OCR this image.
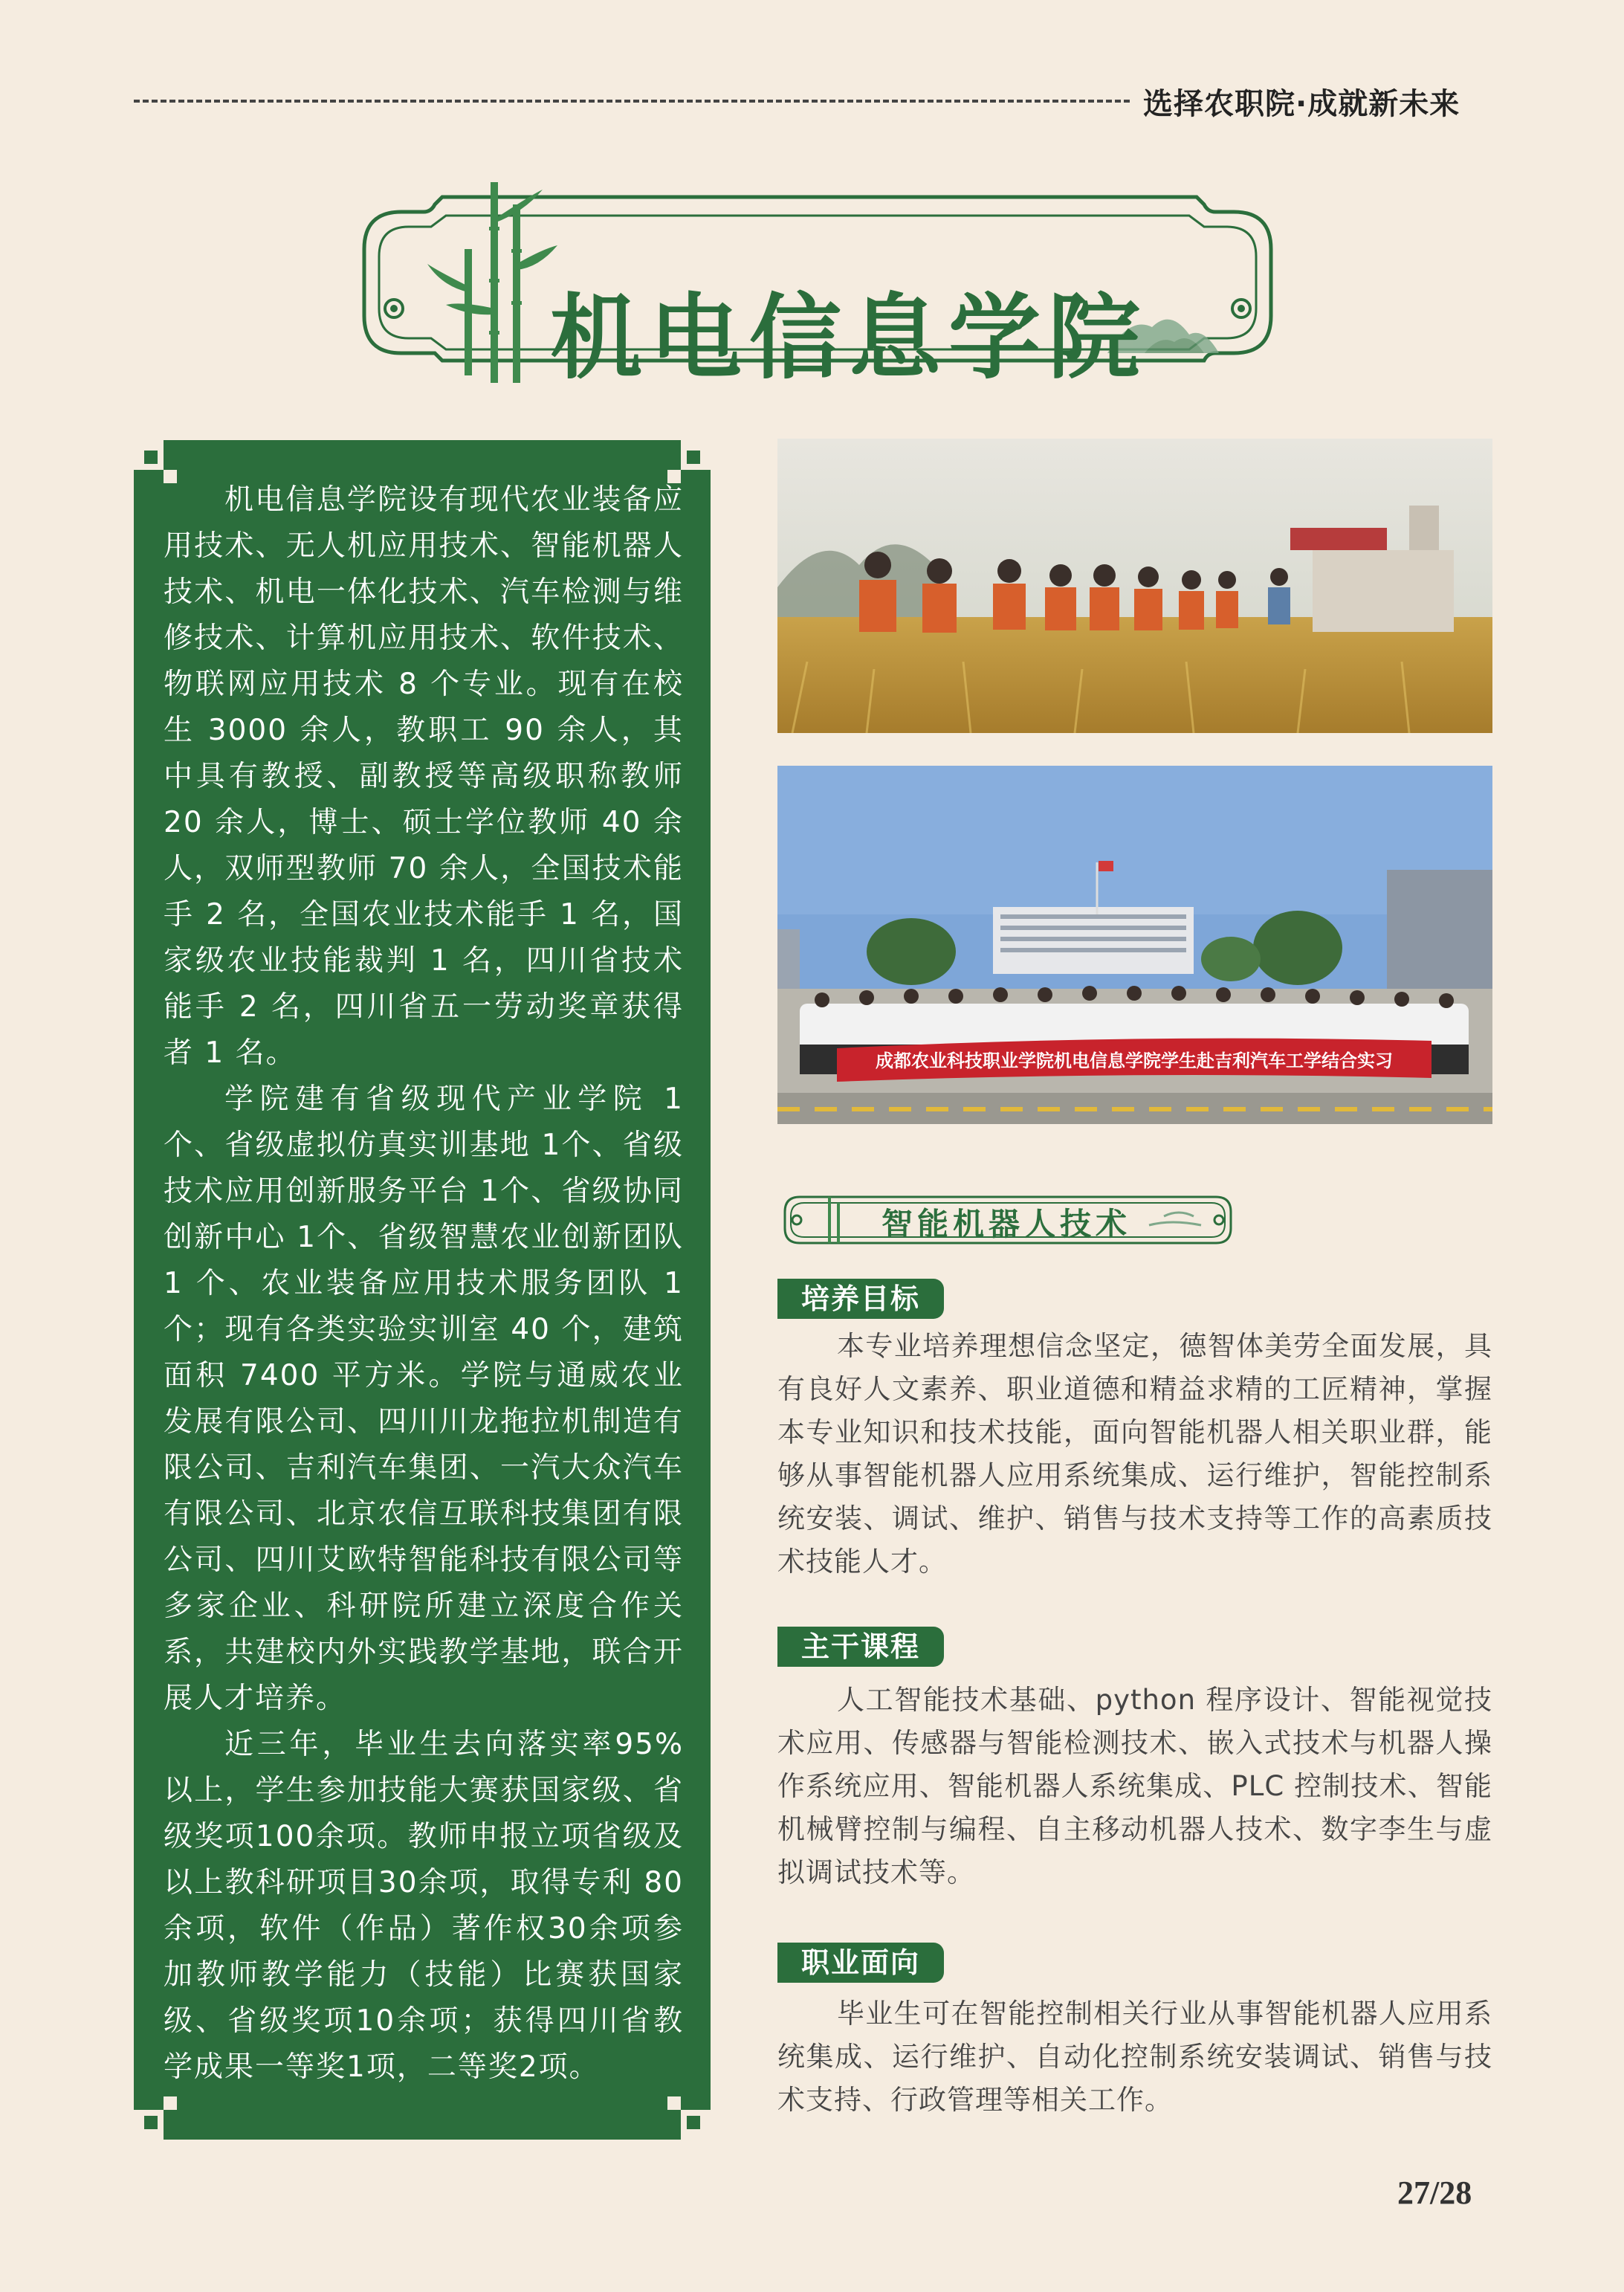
选择农职院·成就新未来
机电信息学院

机电信息学院设有现代农业装备应用技术、无人机应用技术、智能机器人技术、机电一体化技术、汽车检测与维修技术、计算机应用技术、软件技术、物联网应用技术 8 个专业。现有在校生 3000 余人，教职工 90 余人，其中具有教授、副教授等高级职称教师 20 余人，博士、硕士学位教师 40 余人，双师型教师 70 余人，全国技术能手 2 名，全国农业技术能手 1 名，国家级农业技能裁判 1 名，四川省技术能手 2 名，四川省五一劳动奖章获得者 1 名。

学院建有省级现代产业学院 1 个、省级虚拟仿真实训基地 1个、省级技术应用创新服务平台 1个、省级协同创新中心 1个、省级智慧农业创新团队 1 个、农业装备应用技术服务团队 1 个；现有各类实验实训室 40 个，建筑面积 7400 平方米。学院与通威农业发展有限公司、四川川龙拖拉机制造有限公司、吉利汽车集团、一汽大众汽车有限公司、北京农信互联科技集团有限公司、四川艾欧特智能科技有限公司等多家企业、科研院所建立深度合作关系，共建校内外实践教学基地，联合开展人才培养。

近三年，毕业生去向落实率95%以上，学生参加技能大赛获国家级、省级奖项100余项。教师申报立项省级及以上教科研项目30余项，取得专利 80余项，软件（作品）著作权30余项参加教师教学能力（技能）比赛获国家级、省级奖项10余项；获得四川省教学成果一等奖1项，二等奖2项。

成都农业科技职业学院机电信息学院学生赴吉利汽车工学结合实习
智能机器人技术
培养目标

本专业培养理想信念坚定，德智体美劳全面发展，具有良好人文素养、职业道德和精益求精的工匠精神，掌握本专业知识和技术技能，面向智能机器人相关职业群，能够从事智能机器人应用系统集成、运行维护，智能控制系统安装、调试、维护、销售与技术支持等工作的高素质技术技能人才。

主干课程

人工智能技术基础、python 程序设计、智能视觉技术应用、传感器与智能检测技术、嵌入式技术与机器人操作系统应用、智能机器人系统集成、PLC 控制技术、智能机械臂控制与编程、自主移动机器人技术、数字李生与虚拟调试技术等。

职业面向

毕业生可在智能控制相关行业从事智能机器人应用系统集成、运行维护、自动化控制系统安装调试、销售与技术支持、行政管理等相关工作。

27/28
